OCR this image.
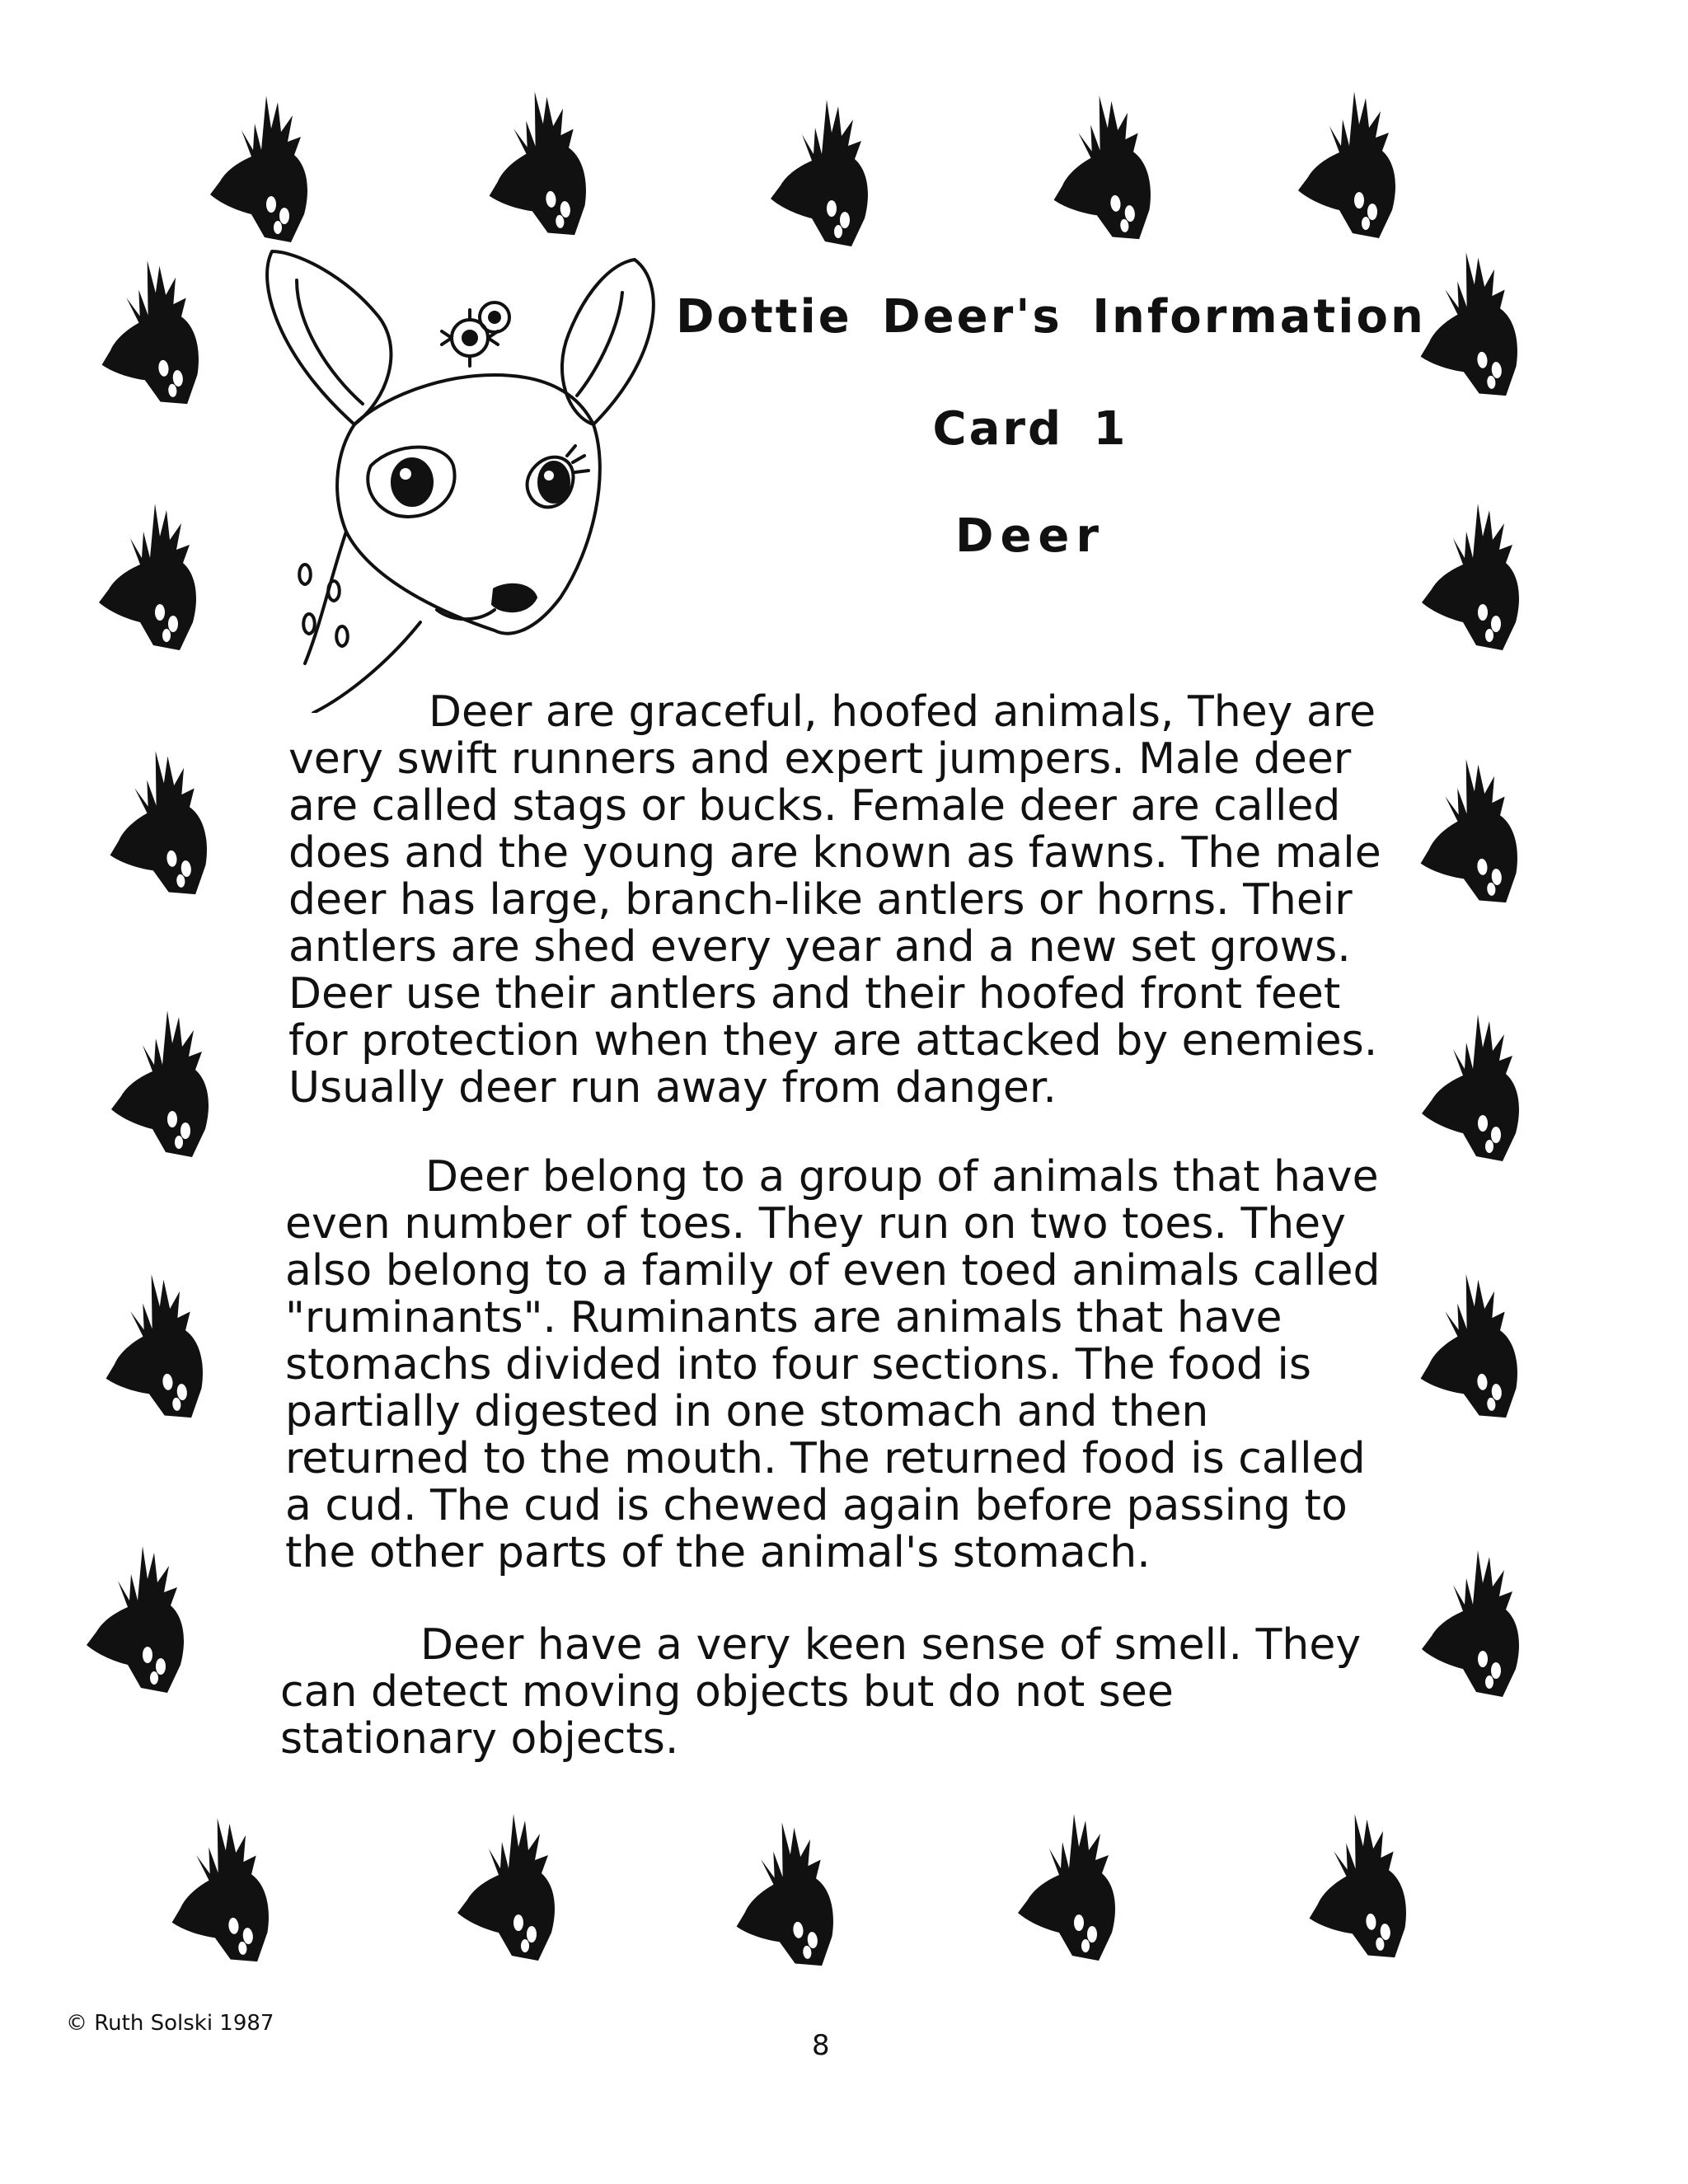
Dottie Deer's Information
Card 1
Deer

Deer are graceful, hoofed animals, They are very swift runners and expert jumpers. Male deer are called stags or bucks. Female deer are called does and the young are known as fawns. The male deer has large, branch-like antlers or horns. Their antlers are shed every year and a new set grows. Deer use their antlers and their hoofed front feet for protection when they are attacked by enemies. Usually deer run away from danger.

Deer belong to a group of animals that have even number of toes. They run on two toes. They also belong to a family of even toed animals called "ruminants". Ruminants are animals that have stomachs divided into four sections. The food is partially digested in one stomach and then returned to the mouth. The returned food is called a cud. The cud is chewed again before passing to the other parts of the animal's stomach.

Deer have a very keen sense of smell. They can detect moving objects but do not see stationary objects.

© Ruth Solski 1987
8
